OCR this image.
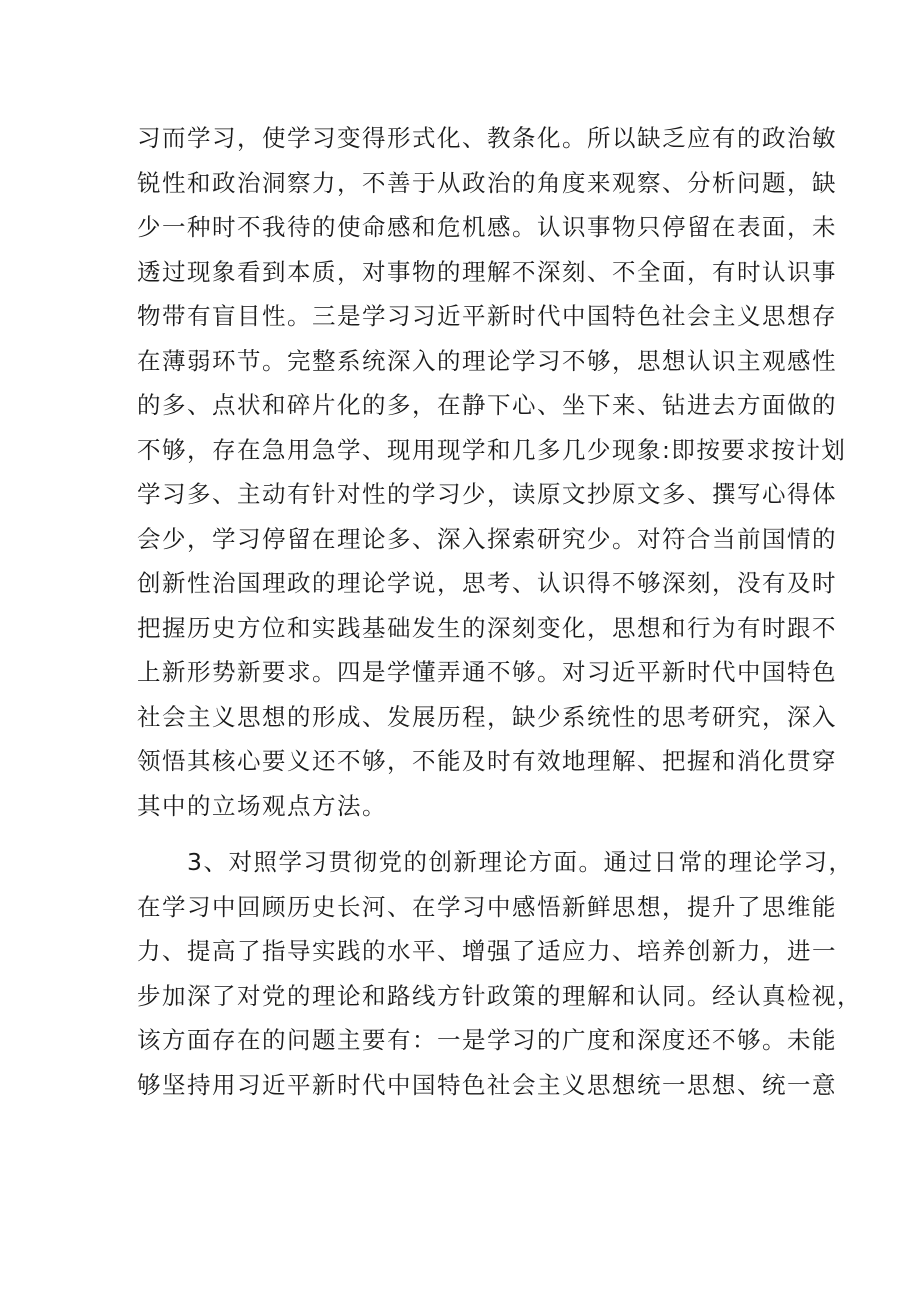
习而学习，使学习变得形式化、教条化。所以缺乏应有的政治敏
锐性和政治洞察力，不善于从政治的角度来观察、分析问题，缺
少一种时不我待的使命感和危机感。认识事物只停留在表面，未
透过现象看到本质，对事物的理解不深刻、不全面，有时认识事
物带有盲目性。三是学习习近平新时代中国特色社会主义思想存
在薄弱环节。完整系统深入的理论学习不够，思想认识主观感性
的多、点状和碎片化的多，在静下心、坐下来、钻进去方面做的
不够，存在急用急学、现用现学和几多几少现象:即按要求按计划
学习多、主动有针对性的学习少，读原文抄原文多、撰写心得体
会少，学习停留在理论多、深入探索研究少。对符合当前国情的
创新性治国理政的理论学说，思考、认识得不够深刻，没有及时
把握历史方位和实践基础发生的深刻变化，思想和行为有时跟不
上新形势新要求。四是学懂弄通不够。对习近平新时代中国特色
社会主义思想的形成、发展历程，缺少系统性的思考研究，深入
领悟其核心要义还不够，不能及时有效地理解、把握和消化贯穿
其中的立场观点方法。
3、对照学习贯彻党的创新理论方面。通过日常的理论学习，
在学习中回顾历史长河、在学习中感悟新鲜思想，提升了思维能
力、提高了指导实践的水平、增强了适应力、培养创新力，进一
步加深了对党的理论和路线方针政策的理解和认同。经认真检视，
该方面存在的问题主要有：一是学习的广度和深度还不够。未能
够坚持用习近平新时代中国特色社会主义思想统一思想、统一意
